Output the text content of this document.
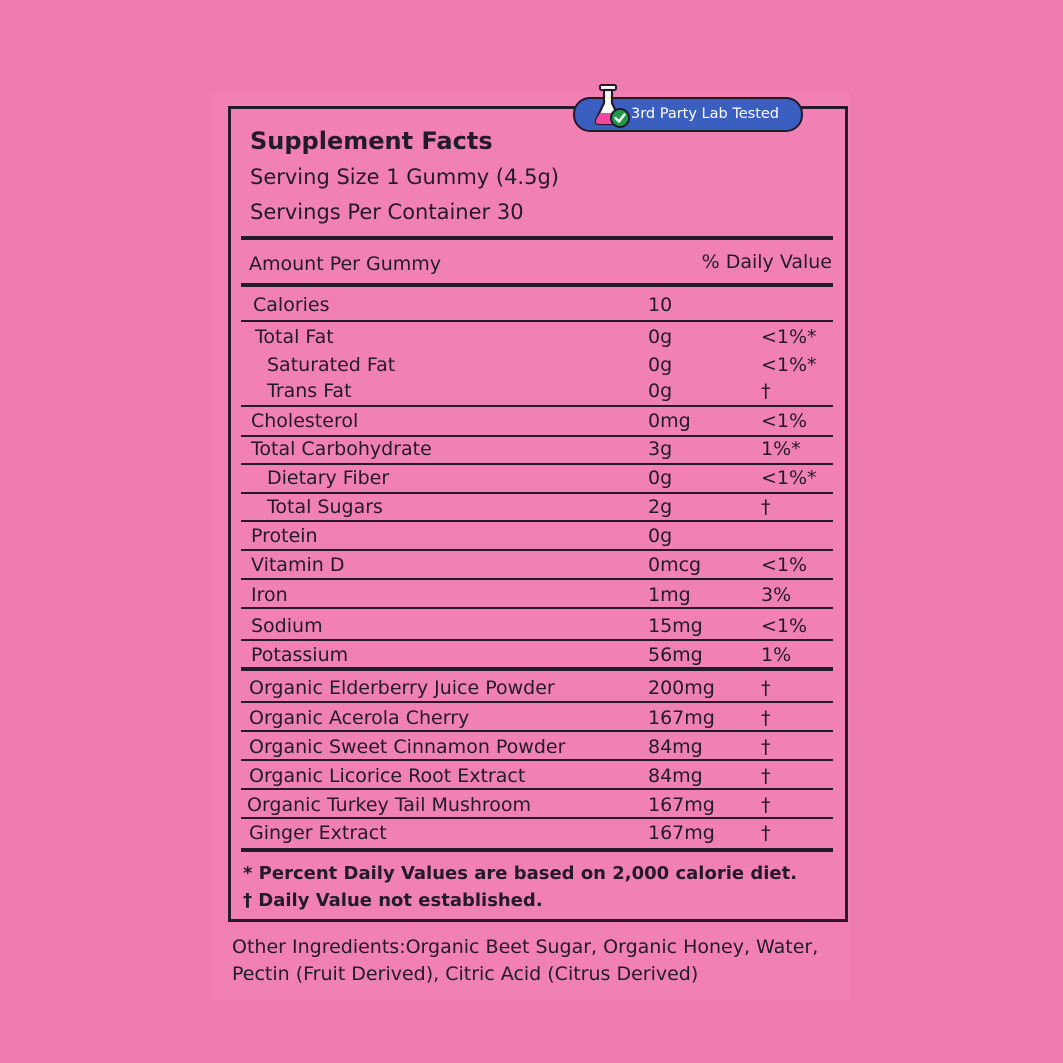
Supplement Facts
Serving Size 1 Gummy (4.5g)
Servings Per Container 30
Amount Per Gummy	% Daily Value
Calories	10
Total Fat	0g	<1%*
Saturated Fat	0g	<1%*
Trans Fat	0g	†
Cholesterol	0mg	<1%
Total Carbohydrate	3g	1%*
Dietary Fiber	0g	<1%*
Total Sugars	2g	†
Protein	0g
Vitamin D	0mcg	<1%
Iron	1mg	3%
Sodium	15mg	<1%
Potassium	56mg	1%
Organic Elderberry Juice Powder	200mg †
Organic Acerola Cherry	167mg †
Organic Sweet Cinnamon Powder	84mg	†
Organic Licorice Root Extract	84mg	†
Organic Turkey Tail Mushroom	167mg †
Ginger Extract	167mg †
* Percent Daily Values are based on 2,000 calorie diet.
† Daily Value not established.
Other Ingredients:Organic Beet Sugar, Organic Honey, Water, Pectin (Fruit Derived), Citric Acid (Citrus Derived)
3rd Party Lab Tested
